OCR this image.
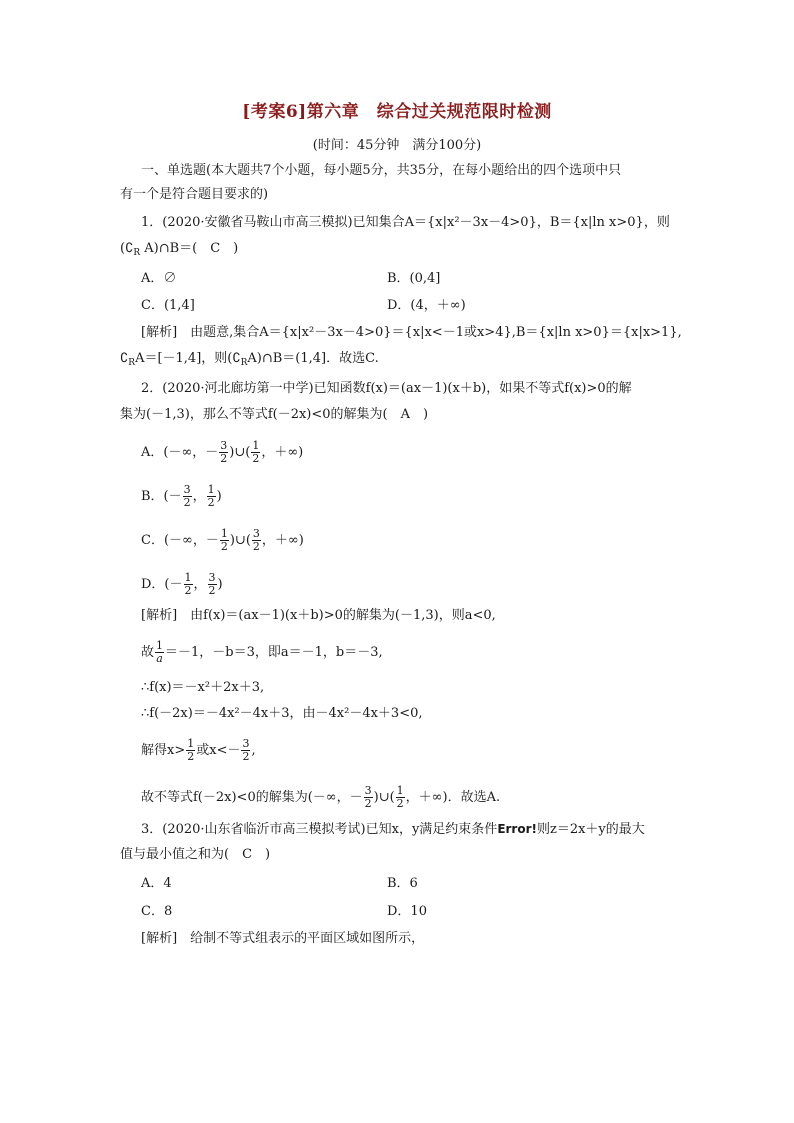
[考案6]第六章　综合过关规范限时检测
(时间：45分钟　满分100分)
一、单选题(本大题共7个小题，每小题5分，共35分，在每小题给出的四个选项中只
有一个是符合题目要求的)
1．(2020·安徽省马鞍山市高三模拟)已知集合A＝{x|x²－3x－4>0}，B＝{x|ln x>0}，则
($∁_R$ A)∩B＝(　C　)
A．∅	B．(0,4]
C．(1,4]	D．(4，＋∞)
[解析]　由题意,集合A＝{x|x²－3x－4>0}＝{x|x<－1或x>4},B＝{x|ln x>0}＝{x|x>1},
$∁_RA=[-1,4]$，则$(∁_RA)\cap B=(1,4]$．故选C.
2．(2020·河北廊坊第一中学)已知函数f(x)＝(ax－1)(x＋b)，如果不等式f(x)>0的解
集为(－1,3)，那么不等式f(－2x)<0的解集为(　A　)
A．(－∞，－ $\frac{3}{2}$ )∪( $\frac{1}{2}$ ，＋∞)
B．(－ $\frac{3}{2}$ ， $\frac{1}{2}$ )
C．(－∞，－ $\frac{1}{2}$ )∪( $\frac{3}{2}$ ，＋∞)
D．(－ $\frac{1}{2}$ ， $\frac{3}{2}$ )
[解析]　由f(x)＝(ax－1)(x＋b)>0的解集为(－1,3)，则a<0,
故 $\frac{1}{a} =-1$，－b＝3，即a＝－1，b＝－3,
∴f(x)＝－x²＋2x＋3,
∴f(－2x)＝－4x²－4x＋3，由－4x²－4x＋3<0,
解得$x> \frac{1}{2}$ 或$x<- \frac{3}{2}$ ,
故不等式f(－2x)<0的解集为(－∞，－ $\frac{3}{2}$ )∪( $\frac{1}{2}$ ，＋∞)．故选A.
3．(2020·山东省临沂市高三模拟考试)已知x，y满足约束条件Error!则z＝2x＋y的最大
值与最小值之和为(　C　)
A．4	B．6
C．8	D．10
[解析]　给制不等式组表示的平面区域如图所示，
